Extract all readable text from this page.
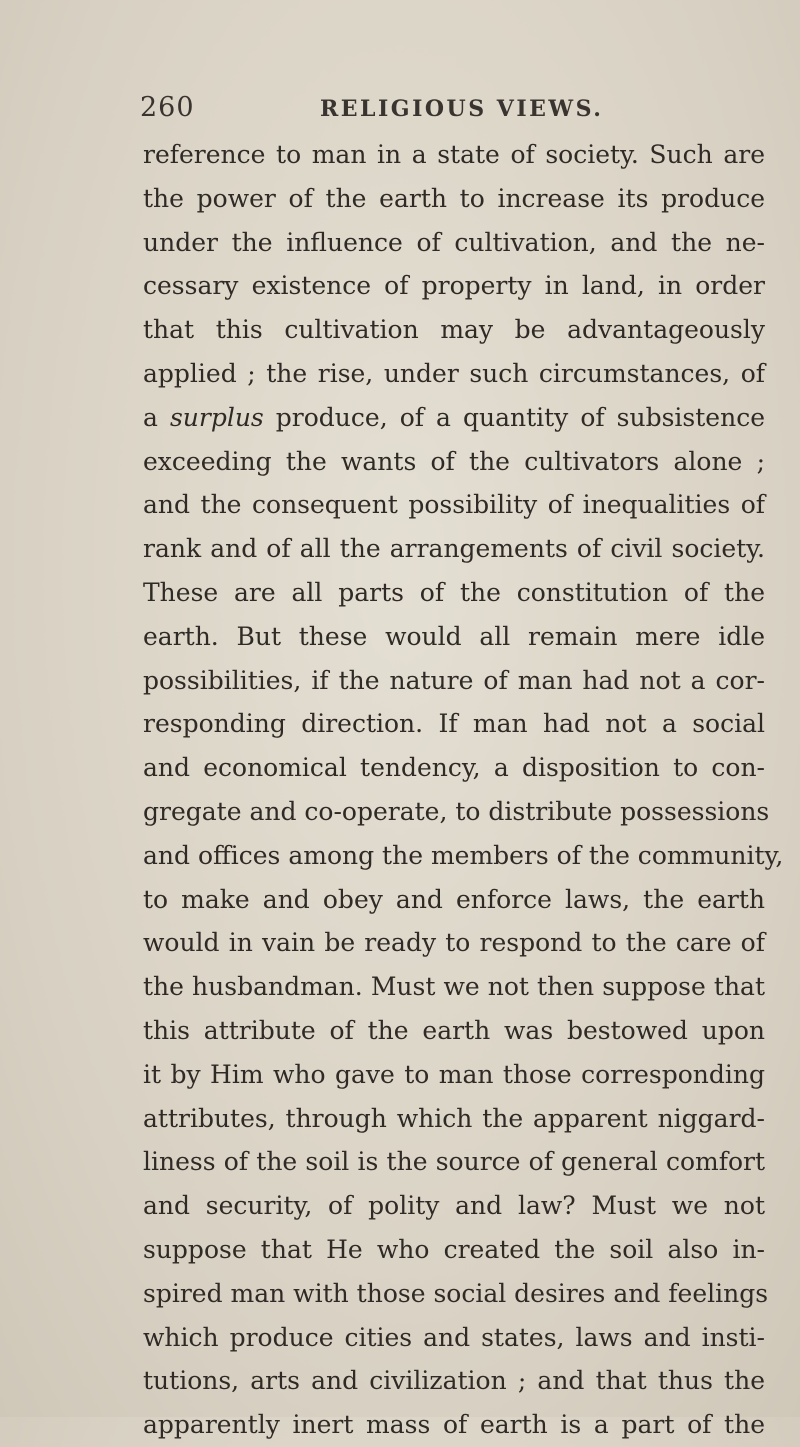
260	RELIGIOUS VIEWS.
reference to man in a state of society. Such are
the power of the earth to increase its produce
under the influence of cultivation, and the ne-
cessary existence of property in land, in order
that this cultivation may be advantageously
applied ; the rise, under such circumstances, of
a surplus produce, of a quantity of subsistence
exceeding the wants of the cultivators alone ;
and the consequent possibility of inequalities of
rank and of all the arrangements of civil society.
These are all parts of the constitution of the
earth. But these would all remain mere idle
possibilities, if the nature of man had not a cor-
responding direction. If man had not a social
and economical tendency, a disposition to con-
gregate and co-operate, to distribute possessions
and offices among the members of the community,
to make and obey and enforce laws, the earth
would in vain be ready to respond to the care of
the husbandman. Must we not then suppose that
this attribute of the earth was bestowed upon
it by Him who gave to man those corresponding
attributes, through which the apparent niggard-
liness of the soil is the source of general comfort
and security, of polity and law? Must we not
suppose that He who created the soil also in-
spired man with those social desires and feelings
which produce cities and states, laws and insti-
tutions, arts and civilization ; and that thus the
apparently inert mass of earth is a part of the
